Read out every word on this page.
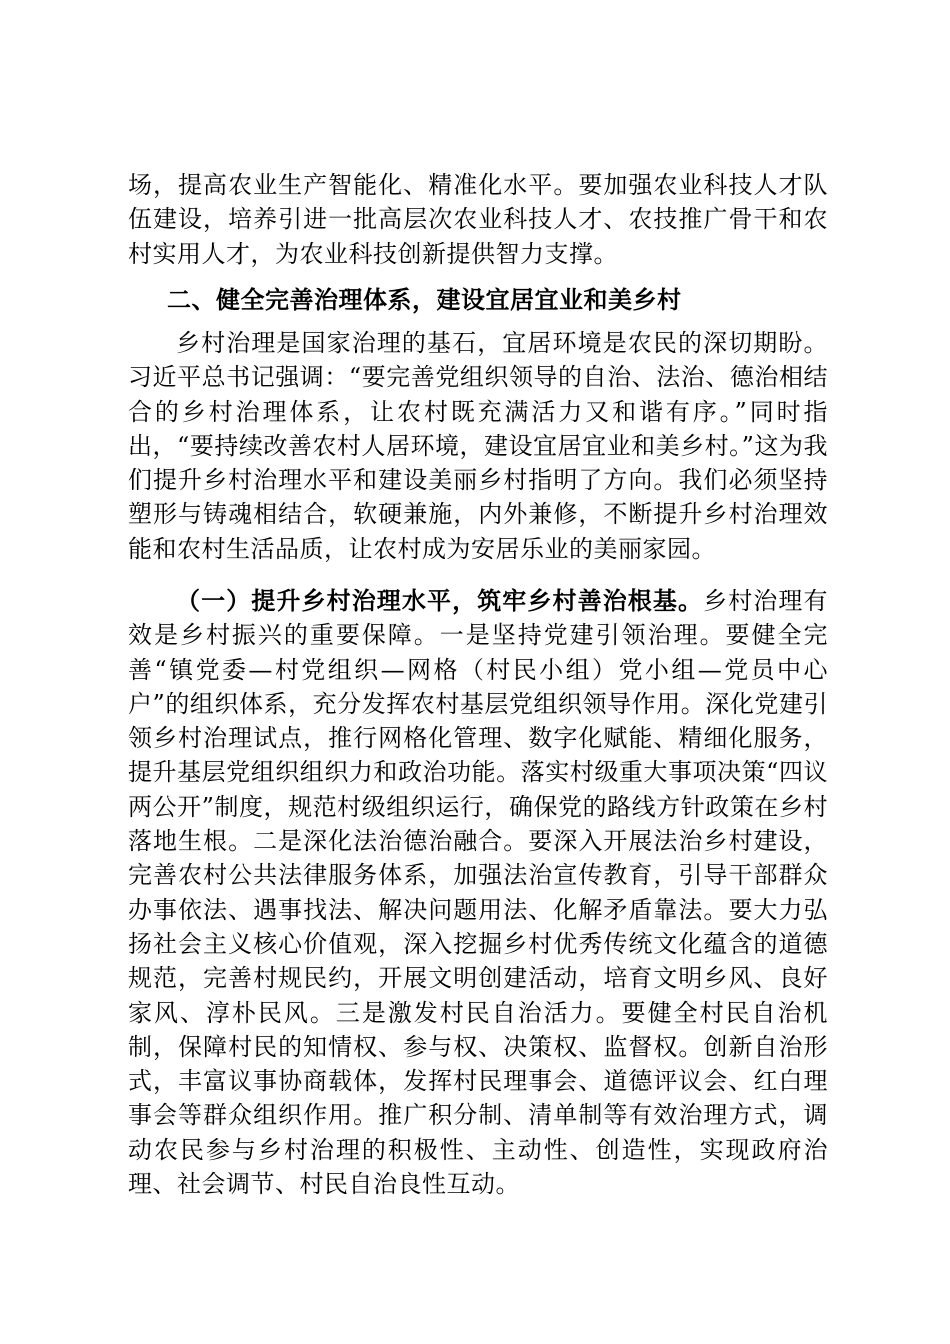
场，提高农业生产智能化、精准化水平。要加强农业科技人才队伍建设，培养引进一批高层次农业科技人才、农技推广骨干和农村实用人才，为农业科技创新提供智力支撑。

二、健全完善治理体系，建设宜居宜业和美乡村

乡村治理是国家治理的基石，宜居环境是农民的深切期盼。习近平总书记强调：“要完善党组织领导的自治、法治、德治相结合的乡村治理体系，让农村既充满活力又和谐有序。”同时指出，“要持续改善农村人居环境，建设宜居宜业和美乡村。”这为我们提升乡村治理水平和建设美丽乡村指明了方向。我们必须坚持塑形与铸魂相结合，软硬兼施，内外兼修，不断提升乡村治理效能和农村生活品质，让农村成为安居乐业的美丽家园。

（一）提升乡村治理水平，筑牢乡村善治根基。乡村治理有效是乡村振兴的重要保障。一是坚持党建引领治理。要健全完善“镇党委—村党组织—网格（村民小组）党小组—党员中心户”的组织体系，充分发挥农村基层党组织领导作用。深化党建引领乡村治理试点，推行网格化管理、数字化赋能、精细化服务，提升基层党组织组织力和政治功能。落实村级重大事项决策“四议两公开”制度，规范村级组织运行，确保党的路线方针政策在乡村落地生根。二是深化法治德治融合。要深入开展法治乡村建设，完善农村公共法律服务体系，加强法治宣传教育，引导干部群众办事依法、遇事找法、解决问题用法、化解矛盾靠法。要大力弘扬社会主义核心价值观，深入挖掘乡村优秀传统文化蕴含的道德规范，完善村规民约，开展文明创建活动，培育文明乡风、良好家风、淳朴民风。三是激发村民自治活力。要健全村民自治机制，保障村民的知情权、参与权、决策权、监督权。创新自治形式，丰富议事协商载体，发挥村民理事会、道德评议会、红白理事会等群众组织作用。推广积分制、清单制等有效治理方式，调动农民参与乡村治理的积极性、主动性、创造性，实现政府治理、社会调节、村民自治良性互动。
